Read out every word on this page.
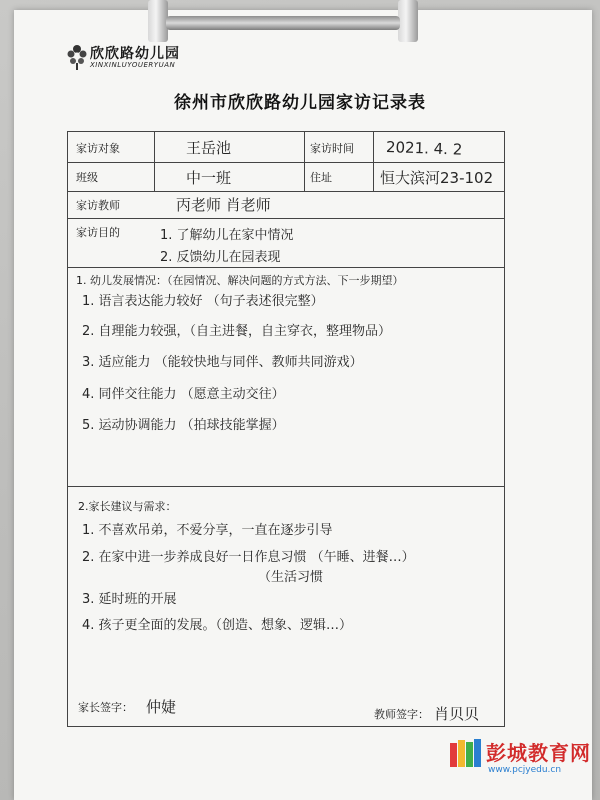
欣欣路幼儿园
XINXINLUYOUERYUAN
徐州市欣欣路幼儿园家访记录表
家访对象	王岳池	家访时间 2021. 4. 2
班级	中一班	住址	恒大滨河23-102
家访教师	丙老师 肖老师
家访目的	1. 了解幼儿在家中情况
2. 反馈幼儿在园表现
1. 幼儿发展情况：（在园情况、解决问题的方式方法、下一步期望）
1. 语言表达能力较好 （句子表述很完整）
2. 自理能力较强，（自主进餐，自主穿衣，整理物品）
3. 适应能力 （能较快地与同伴、教师共同游戏）
4. 同伴交往能力 （愿意主动交往）
5. 运动协调能力 （拍球技能掌握）
2.家长建议与需求：
1. 不喜欢吊弟，不爱分享，一直在逐步引导
2. 在家中进一步养成良好一日作息习惯 （午睡、进餐…）
（生活习惯
3. 延时班的开展
4. 孩子更全面的发展。（创造、想象、逻辑…）
家长签字： 仲婕	教师签字： 肖贝贝
彭城教育网
www.pcjyedu.cn
